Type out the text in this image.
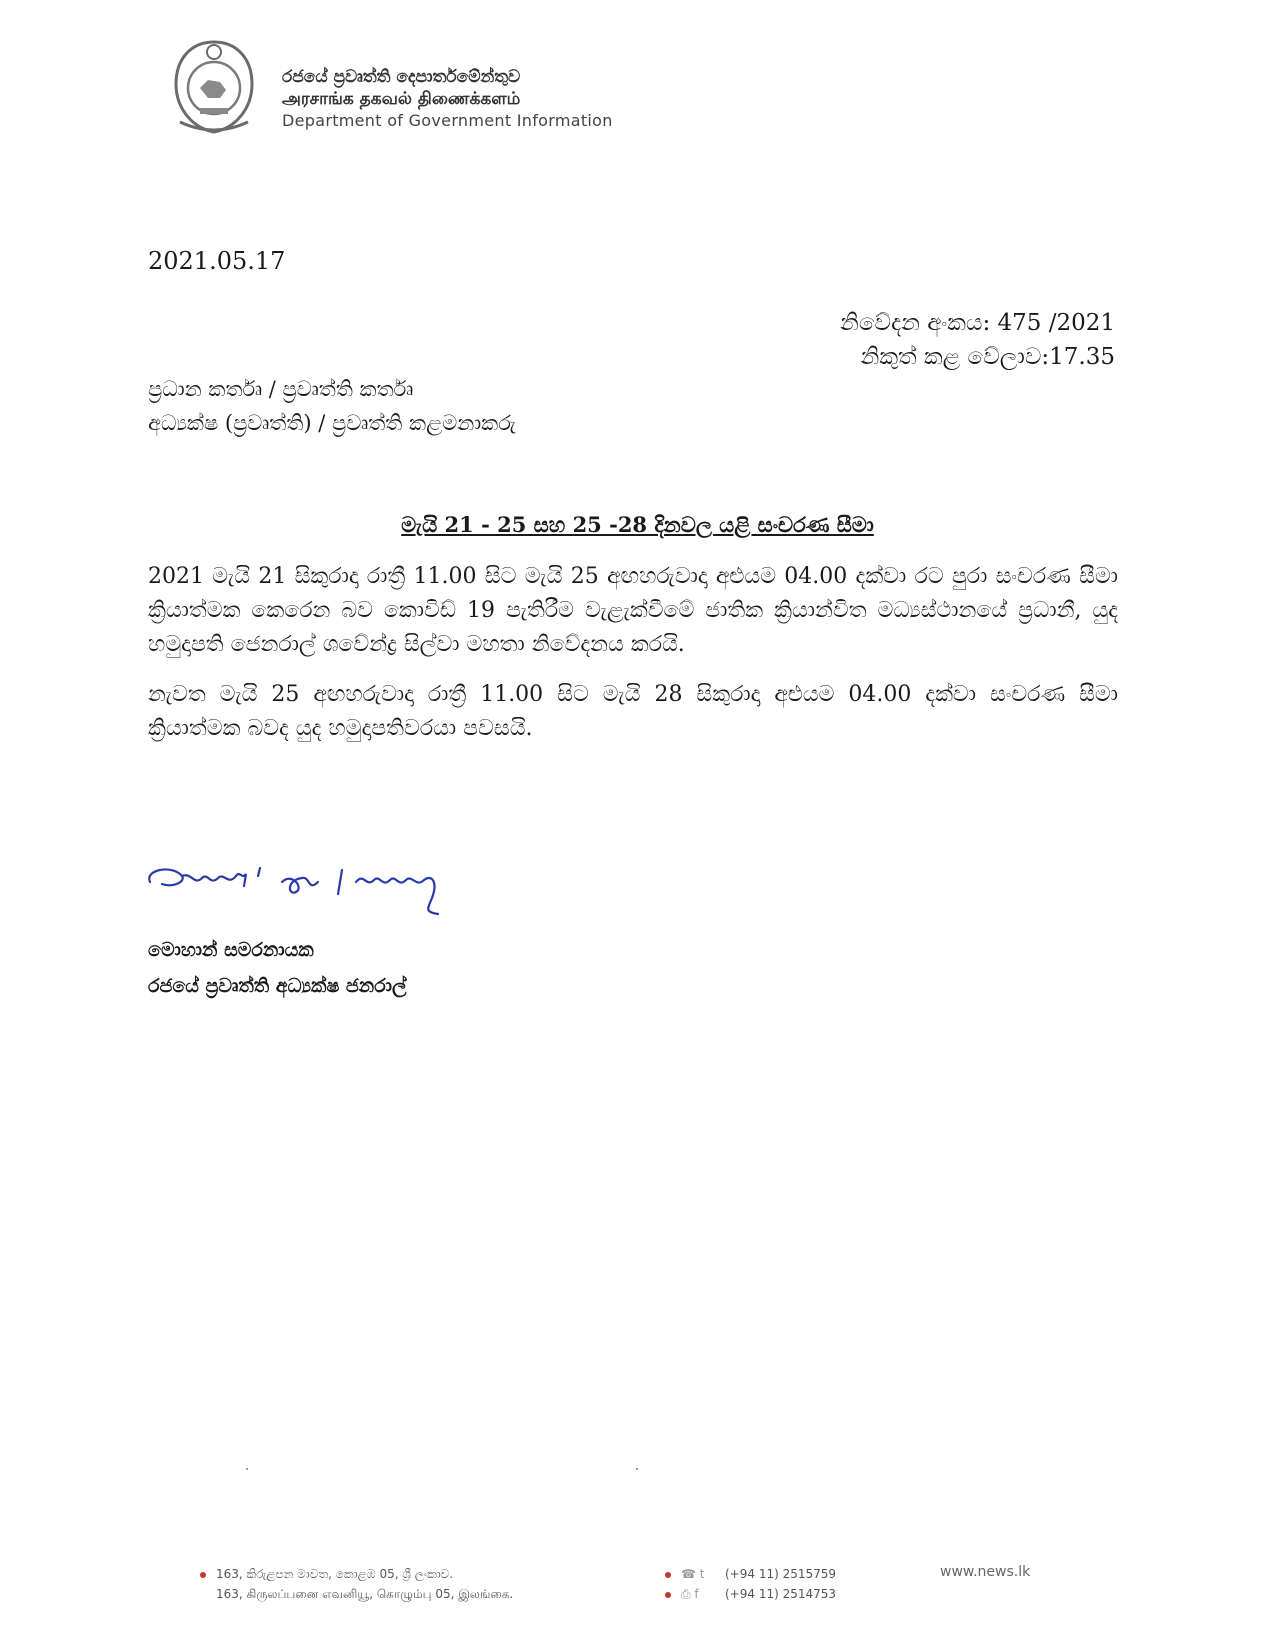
රජයේ ප්‍රවෘත්ති දෙපාර්තමේන්තුව
அரசாங்க தகவல் திணைக்களம்
Department of Government Information
2021.05.17
නිවේදන අංකය: 475 /2021
නිකුත් කළ වේලාව:17.35
ප්‍රධාන කර්තෘ / ප්‍රවෘත්ති කර්තෘ
අධ්‍යක්ෂ (ප්‍රවෘත්ති) / ප්‍රවෘත්ති කළමනාකරු
මැයි 21 - 25 සහ 25 -28 දිනවල යළි සංචරණ සීමා

2021 මැයි 21 සිකුරාදා රාත්‍රී 11.00 සිට මැයි 25 අඟහරුවාදා අළුයම 04.00 දක්වා රට පුරා සංචරණ සීමා ක්‍රියාත්මක කෙරෙන බව කොවිඩ් 19 පැතිරීම වැළැක්වීමේ ජාතික ක්‍රියාන්විත මධ්‍යස්ථානයේ ප්‍රධානී, යුද හමුදාපති ජෙනරාල් ශවේන්ද්‍ර සිල්වා මහතා නිවේදනය කරයි.

නැවත මැයි 25 අඟහරුවාදා රාත්‍රී 11.00 සිට මැයි 28 සිකුරාදා අළුයම 04.00 දක්වා සංචරණ සීමා ක්‍රියාත්මක බවද යුද හමුදාපතිවරයා පවසයි.

මොහාන් සමරනායක
රජයේ ප්‍රවෘත්ති අධ්‍යක්ෂ ජනරාල්
163, කිරුළපන මාවත, කොළඹ 05, ශ්‍රී ලංකාව.
163, கிருலப்பனை எவனியூ, கொழும்பு 05, இலங்கை.
☎ t (+94 11) 2515759
⎙ f (+94 11) 2514753
www.news.lk
